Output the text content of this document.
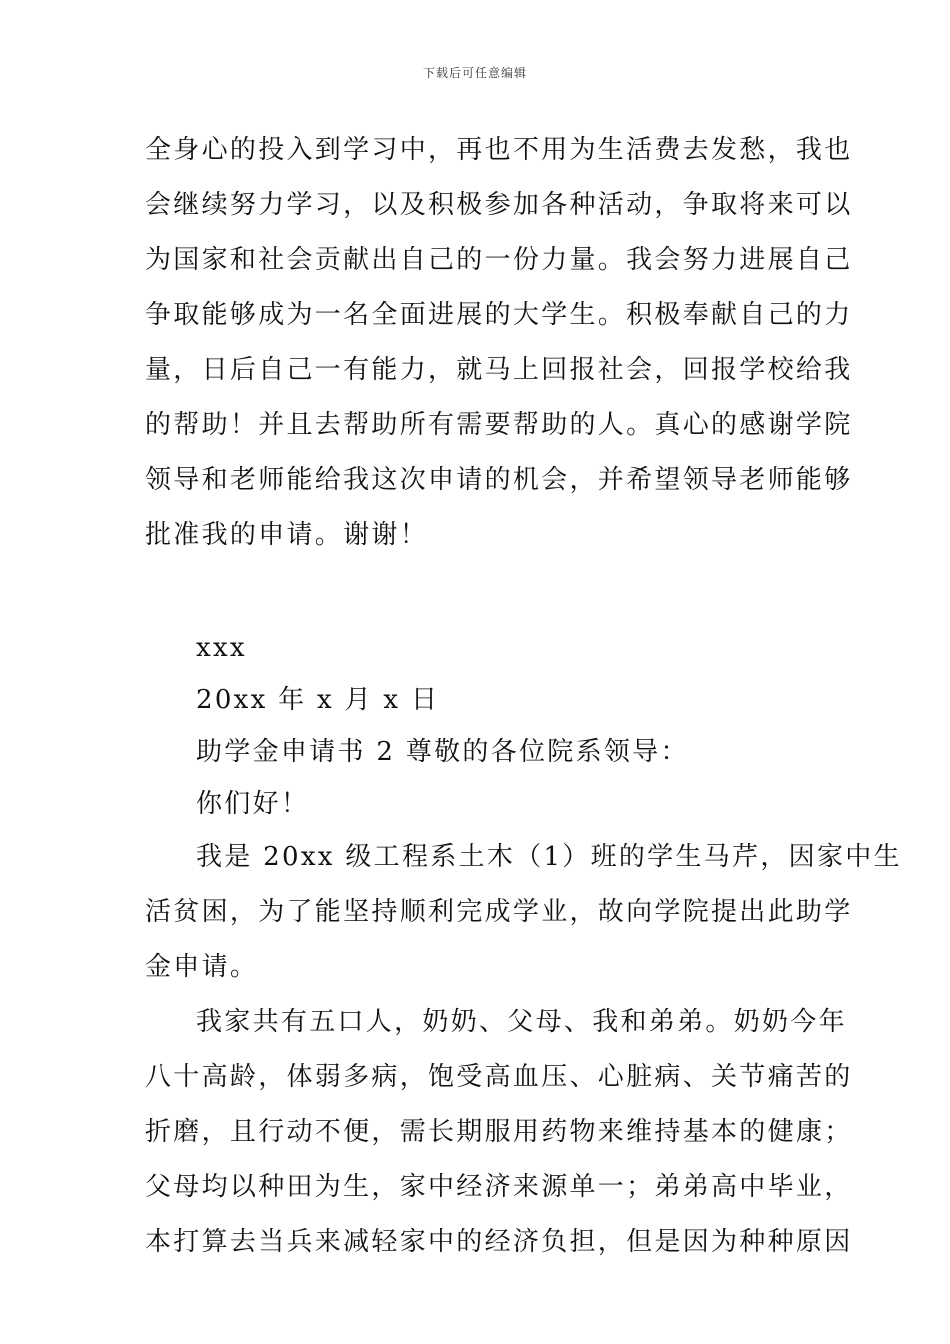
下载后可任意编辑
全身心的投入到学习中，再也不用为生活费去发愁，我也
会继续努力学习，以及积极参加各种活动，争取将来可以
为国家和社会贡献出自己的一份力量。我会努力进展自己
争取能够成为一名全面进展的大学生。积极奉献自己的力
量，日后自己一有能力，就马上回报社会，回报学校给我
的帮助！并且去帮助所有需要帮助的人。真心的感谢学院
领导和老师能给我这次申请的机会，并希望领导老师能够
批准我的申请。谢谢！
xxx
20xx 年 x 月 x 日
助学金申请书 2 尊敬的各位院系领导：
你们好！
我是 20xx 级工程系土木（1）班的学生马芹，因家中生
活贫困，为了能坚持顺利完成学业，故向学院提出此助学
金申请。
我家共有五口人，奶奶、父母、我和弟弟。奶奶今年
八十高龄，体弱多病，饱受高血压、心脏病、关节痛苦的
折磨，且行动不便，需长期服用药物来维持基本的健康；
父母均以种田为生，家中经济来源单一；弟弟高中毕业，
本打算去当兵来减轻家中的经济负担，但是因为种种原因
